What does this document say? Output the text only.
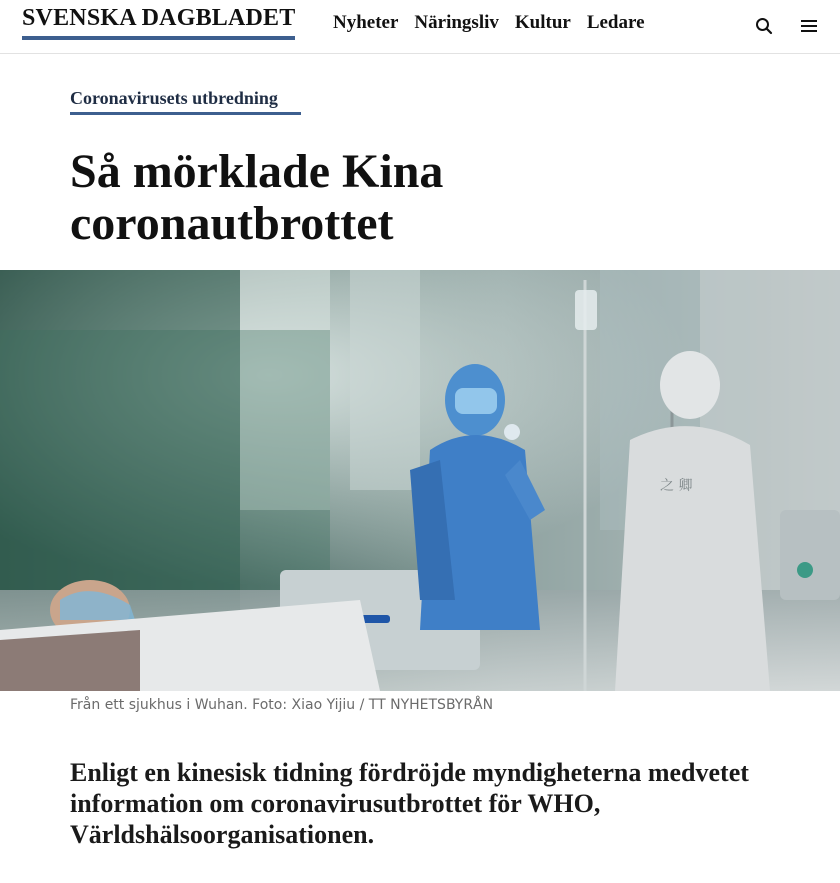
SVENSKA DAGBLADET Nyheter Näringsliv Kultur Ledare
Coronavirusets utbredning
Så mörklade Kina
coronautbrottet
之 卿
Från ett sjukhus i Wuhan. Foto: Xiao Yijiu / TT NYHETSBYRÅN

Enligt en kinesisk tidning fördröjde myndigheterna medvetet information om coronavirusutbrottet för WHO, Världshälsoorganisationen.
